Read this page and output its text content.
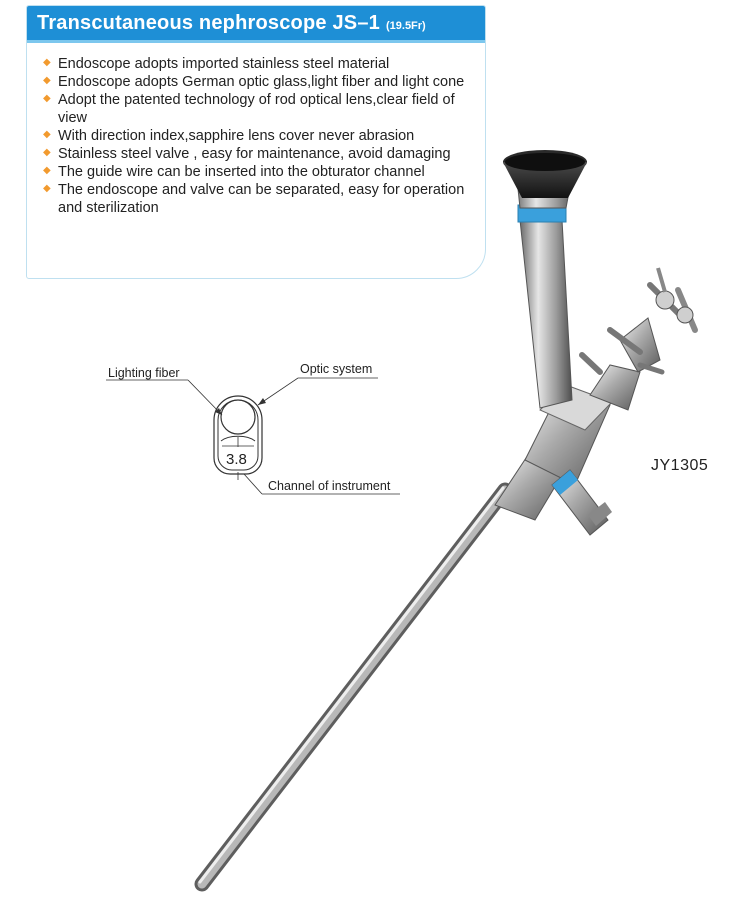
Transcutaneous nephroscope JS–1 (19.5Fr)
◆ Endoscope adopts imported stainless steel material
◆ Endoscope adopts German optic glass,light fiber and light cone
◆ Adopt the patented technology of rod optical lens,clear field of view
◆ With direction index,sapphire lens cover never abrasion
◆ Stainless steel valve , easy for maintenance, avoid damaging
◆ The guide wire can be inserted into the obturator channel
◆ The endoscope and valve can be separated, easy for operation and sterilization
Lighting fiber	Optic system
Channel of instrument
3.8	JY1305
